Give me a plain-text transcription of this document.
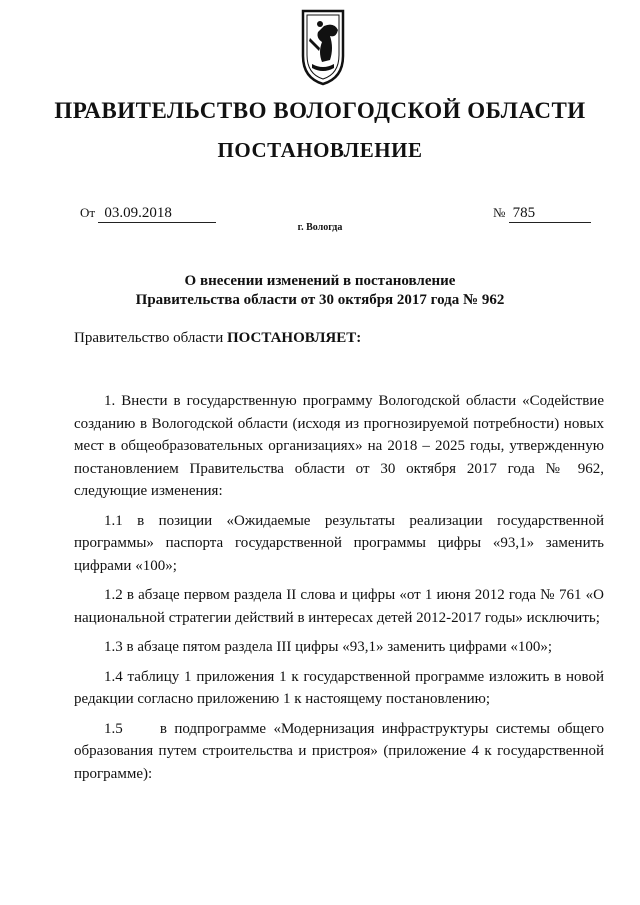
ПРАВИТЕЛЬСТВО ВОЛОГОДСКОЙ ОБЛАСТИ
ПОСТАНОВЛЕНИЕ
От 03.09.2018	№ 785
г. Вологда
О внесении изменений в постановление
Правительства области от 30 октября 2017 года № 962
Правительство области ПОСТАНОВЛЯЕТ:

1. Внести в государственную программу Вологодской области «Содействие созданию в Вологодской области (исходя из прогнозируемой потребности) новых мест в общеобразовательных организациях» на 2018 – 2025 годы, утвержденную постановлением Правительства области от 30 октября 2017 года № 962, следующие изменения:

1.1 в позиции «Ожидаемые результаты реализации государственной программы» паспорта государственной программы цифры «93,1» заменить цифрами «100»;

1.2 в абзаце первом раздела II слова и цифры «от 1 июня 2012 года № 761 «О национальной стратегии действий в интересах детей 2012-2017 годы» исключить;

1.3 в абзаце пятом раздела III цифры «93,1» заменить цифрами «100»;

1.4 таблицу 1 приложения 1 к государственной программе изложить в новой редакции согласно приложению 1 к настоящему постановлению;

1.5     в подпрограмме «Модернизация инфраструктуры системы общего образования путем строительства и пристроя» (приложение 4 к государственной программе):
